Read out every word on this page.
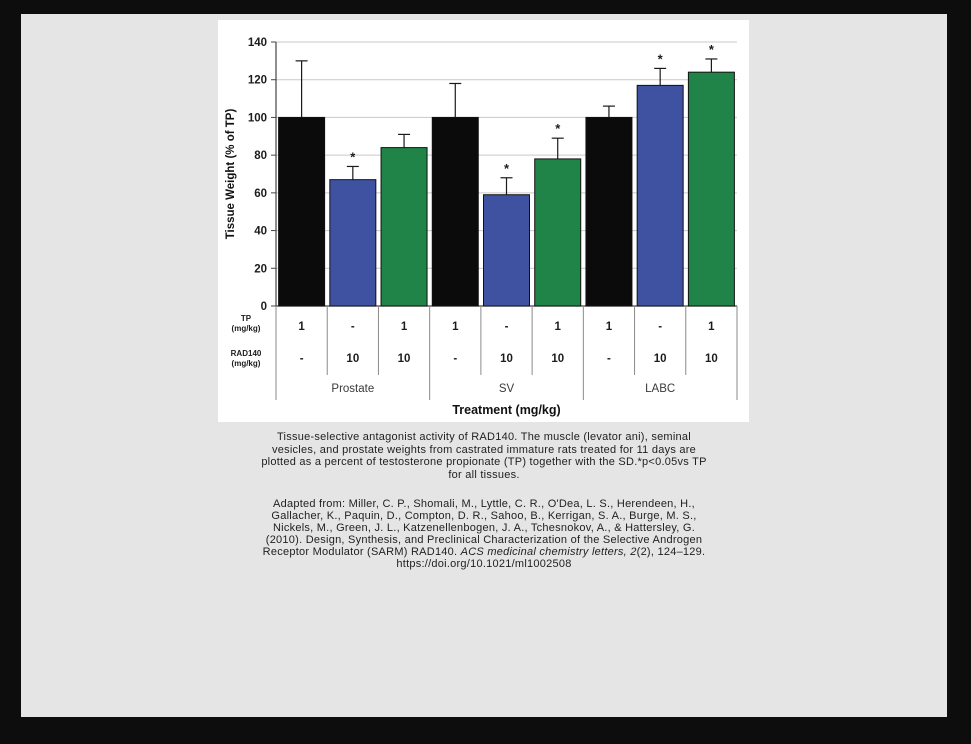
0
20
40
60
80
100
120
140
*
*
*
*
*
TP
(mg/kg)	1	-	1	1	-	1	1	-	1
RAD140
(mg/kg)	-	10	10	-	10	10	-	10	10
Prostate	SV	LABC
Treatment (mg/kg)
Tissue Weight (% of TP)
Tissue-selective antagonist activity of RAD140. The muscle (levator ani), seminal
vesicles, and prostate weights from castrated immature rats treated for 11 days are
plotted as a percent of testosterone propionate (TP) together with the SD.*p<0.05vs TP
for all tissues.
Adapted from: Miller, C. P., Shomali, M., Lyttle, C. R., O'Dea, L. S., Herendeen, H.,
Gallacher, K., Paquin, D., Compton, D. R., Sahoo, B., Kerrigan, S. A., Burge, M. S.,
Nickels, M., Green, J. L., Katzenellenbogen, J. A., Tchesnokov, A., & Hattersley, G.
(2010). Design, Synthesis, and Preclinical Characterization of the Selective Androgen
Receptor Modulator (SARM) RAD140. ACS medicinal chemistry letters, 2(2), 124–129.
https://doi.org/10.1021/ml1002508
